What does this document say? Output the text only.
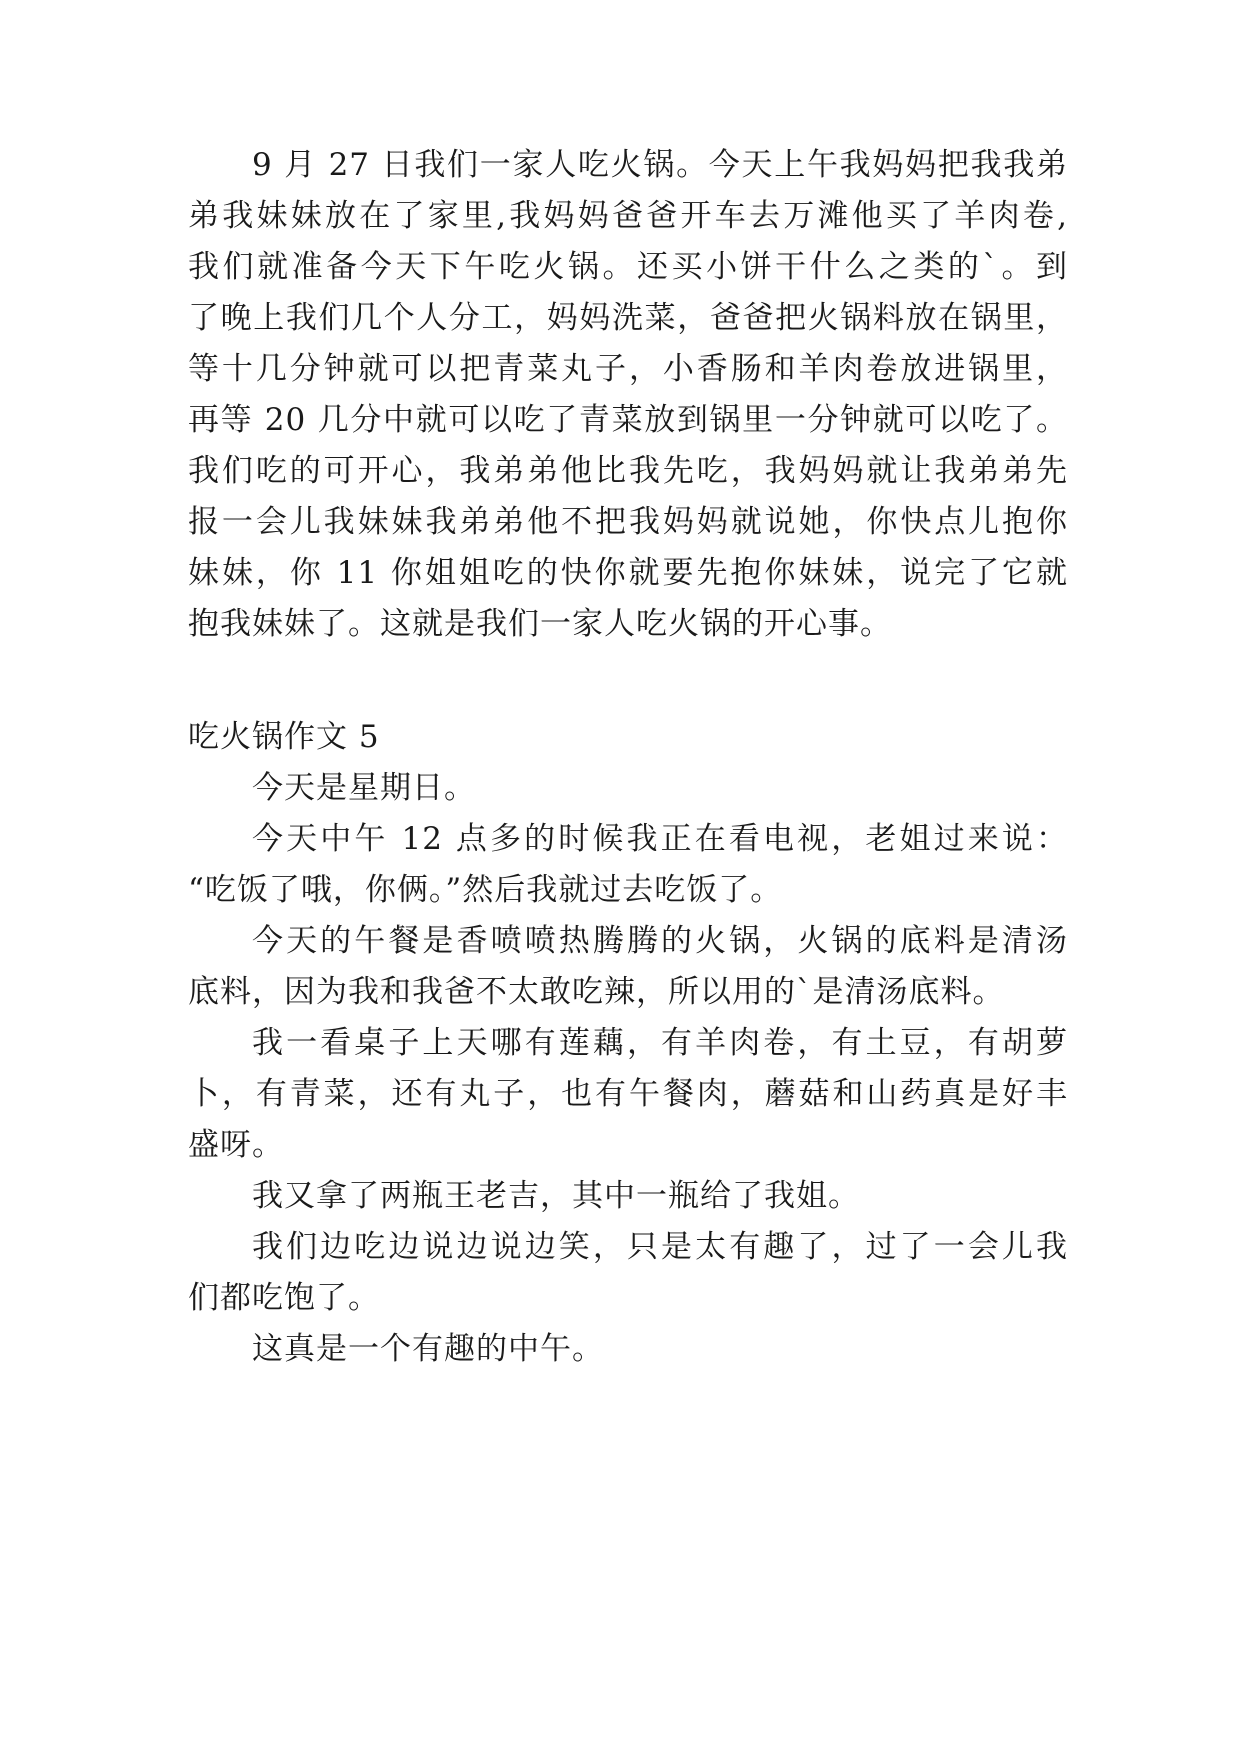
9 月 27 日我们一家人吃火锅。今天上午我妈妈把我我弟
弟我妹妹放在了家里,我妈妈爸爸开车去万滩他买了羊肉卷,
我们就准备今天下午吃火锅。还买小饼干什么之类的`。到
了晚上我们几个人分工，妈妈洗菜，爸爸把火锅料放在锅里，
等十几分钟就可以把青菜丸子，小香肠和羊肉卷放进锅里，
再等 20 几分中就可以吃了青菜放到锅里一分钟就可以吃了。
我们吃的可开心，我弟弟他比我先吃，我妈妈就让我弟弟先
报一会儿我妹妹我弟弟他不把我妈妈就说她，你快点儿抱你
妹妹，你 11 你姐姐吃的快你就要先抱你妹妹，说完了它就
抱我妹妹了。这就是我们一家人吃火锅的开心事。
吃火锅作文 5
今天是星期日。
今天中午 12 点多的时候我正在看电视，老姐过来说：
“吃饭了哦，你俩。”然后我就过去吃饭了。
今天的午餐是香喷喷热腾腾的火锅，火锅的底料是清汤
底料，因为我和我爸不太敢吃辣，所以用的`是清汤底料。
我一看桌子上天哪有莲藕，有羊肉卷，有土豆，有胡萝
卜，有青菜，还有丸子，也有午餐肉，蘑菇和山药真是好丰
盛呀。
我又拿了两瓶王老吉，其中一瓶给了我姐。
我们边吃边说边说边笑，只是太有趣了，过了一会儿我
们都吃饱了。
这真是一个有趣的中午。
